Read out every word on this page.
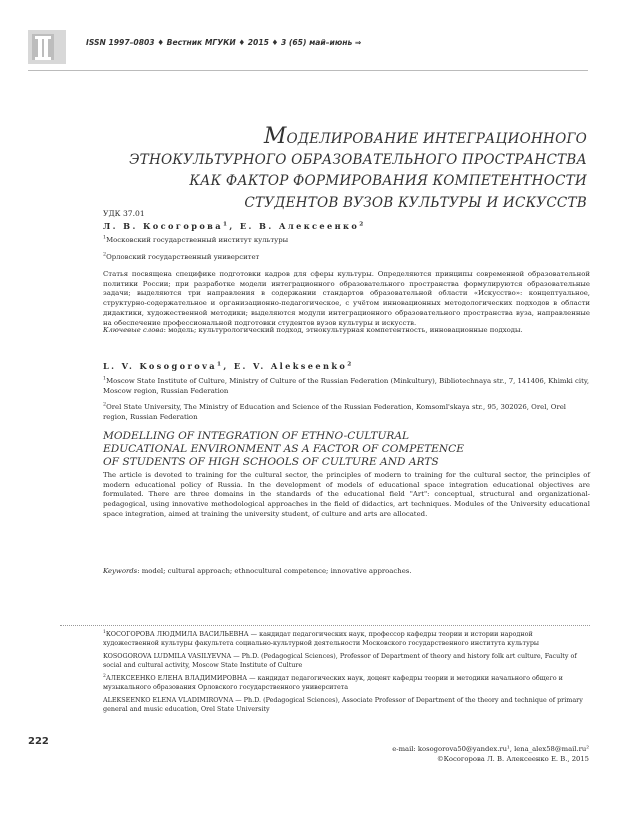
ISSN 1997–0803 ♦ Вестник МГУКИ ♦ 2015 ♦ 3 (65) май–июнь ⇒
МОДЕЛИРОВАНИЕ ИНТЕГРАЦИОННОГО
ЭТНОКУЛЬТУРНОГО ОБРАЗОВАТЕЛЬНОГО ПРОСТРАНСТВА
КАК ФАКТОР ФОРМИРОВАНИЯ КОМПЕТЕНТНОСТИ
СТУДЕНТОВ ВУЗОВ КУЛЬТУРЫ И ИСКУССТВ
УДК 37.01
Л. В. Косогорова$^1$, Е. В. Алексеенко$^2$
$^1$Московский государственный институт культуры
$^2$Орловский государственный университет
Статья посвящена специфике подготовки кадров для сферы культуры. Определяются принципы современной образовательной политики России; при разработке модели интеграционного образовательного пространства формулируются образовательные задачи; выделяются три направления в содержании стандартов образовательной области «Искусство»: концептуальное, структурно-содержательное и организационно-педагогическое, с учётом инновационных методологических подходов в области дидактики, художественной методики; выделяются модули интеграционного образовательного пространства вуза, направленные на обеспечение профессиональной подготовки студентов вузов культуры и искусств.
Ключевые слова: модель; культурологический подход, этнокультурная компетентность, инновационные подходы.
L. V. Kosogorova$^1$, E. V. Alekseenko$^2$
$^1$Moscow State Institute of Culture, Ministry of Culture of the Russian Federation (Minkultury), Bibliotechnaya str., 7, 141406, Khimki city, Moscow region, Russian Federation
$^2$Orel State University, The Ministry of Education and Science of the Russian Federation, Komsoml'skaya str., 95, 302026, Orel, Orel region, Russian Federation
MODELLING OF INTEGRATION OF ETHNO-CULTURAL
EDUCATIONAL ENVIRONMENT AS A FACTOR OF COMPETENCE
OF STUDENTS OF HIGH SCHOOLS OF CULTURE AND ARTS
The article is devoted to training for the cultural sector, the principles of modern to training for the cultural sector, the principles of modern educational policy of Russia. In the development of models of educational space integration educational objectives are formulated. There are three domains in the standards of the educational field "Art": conceptual, structural and organizational-pedagogical, using innovative methodological approaches in the field of didactics, art techniques. Modules of the University educational space integration, aimed at training the university student, of culture and arts are allocated.
Keywords: model; cultural approach; ethnocultural competence; innovative approaches.

$^1$КОСОГОРОВА ЛЮДМИЛА ВАСИЛЬЕВНА — кандидат педагогических наук, профессор кафедры теории и истории народной художественной культуры факультета социально-культурной деятельности Московского государственного института культуры

KOSOGOROVA LUDMILA VASILYEVNA — Ph.D. (Pedagogical Sciences), Professor of Department of theory and history folk art culture, Faculty of social and cultural activity, Moscow State Institute of Culture

$^2$АЛЕКСЕЕНКО ЕЛЕНА ВЛАДИМИРОВНА — кандидат педагогических наук, доцент кафедры теории и методики начального общего и музыкального образования Орловского государственного университета

ALEKSEENKO ELENA VLADIMIROVNA — Ph.D. (Pedagogical Sciences), Associate Professor of Department of the theory and technique of primary general and music education, Orel State University

222
e-mail: kosogorova50@yandex.ru¹, lena_alex58@mail.ru²
©Косогорова Л. В. Алексеенко Е. В., 2015
